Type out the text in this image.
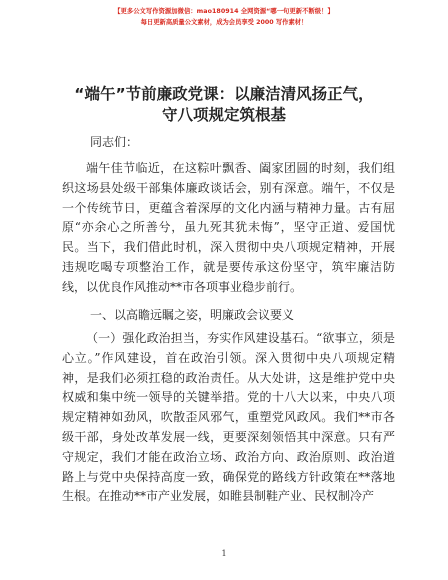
【更多公文写作资源加微信：mao180914 全网资源“哪一句更新不断级！】
每日更新高质量公文素材，成为会员享受 2000 写作素材！
“端午”节前廉政党课：以廉洁清风扬正气，
守八项规定筑根基

同志们：

端午佳节临近，在这粽叶飘香、阖家团圆的时刻，我们组织这场县处级干部集体廉政谈话会，别有深意。端午，不仅是一个传统节日，更蕴含着深厚的文化内涵与精神力量。古有屈原“亦余心之所善兮，虽九死其犹未悔”，坚守正道、爱国忧民。当下，我们借此时机，深入贯彻中央八项规定精神，开展违规吃喝专项整治工作，就是要传承这份坚守，筑牢廉洁防线，以优良作风推动**市各项事业稳步前行。

一、以高瞻远瞩之姿，明廉政会议要义

（一）强化政治担当，夯实作风建设基石。“欲事立，须是心立。”作风建设，首在政治引领。深入贯彻中央八项规定精神，是我们必须扛稳的政治责任。从大处讲，这是维护党中央权威和集中统一领导的关键举措。党的十八大以来，中央八项规定精神如劲风，吹散歪风邪气，重塑党风政风。我们**市各级干部，身处改革发展一线，更要深刻领悟其中深意。只有严守规定，我们才能在政治立场、政治方向、政治原则、政治道路上与党中央保持高度一致，确保党的路线方针政策在**落地生根。在推动**市产业发展，如睢县制鞋产业、民权制冷产

1
